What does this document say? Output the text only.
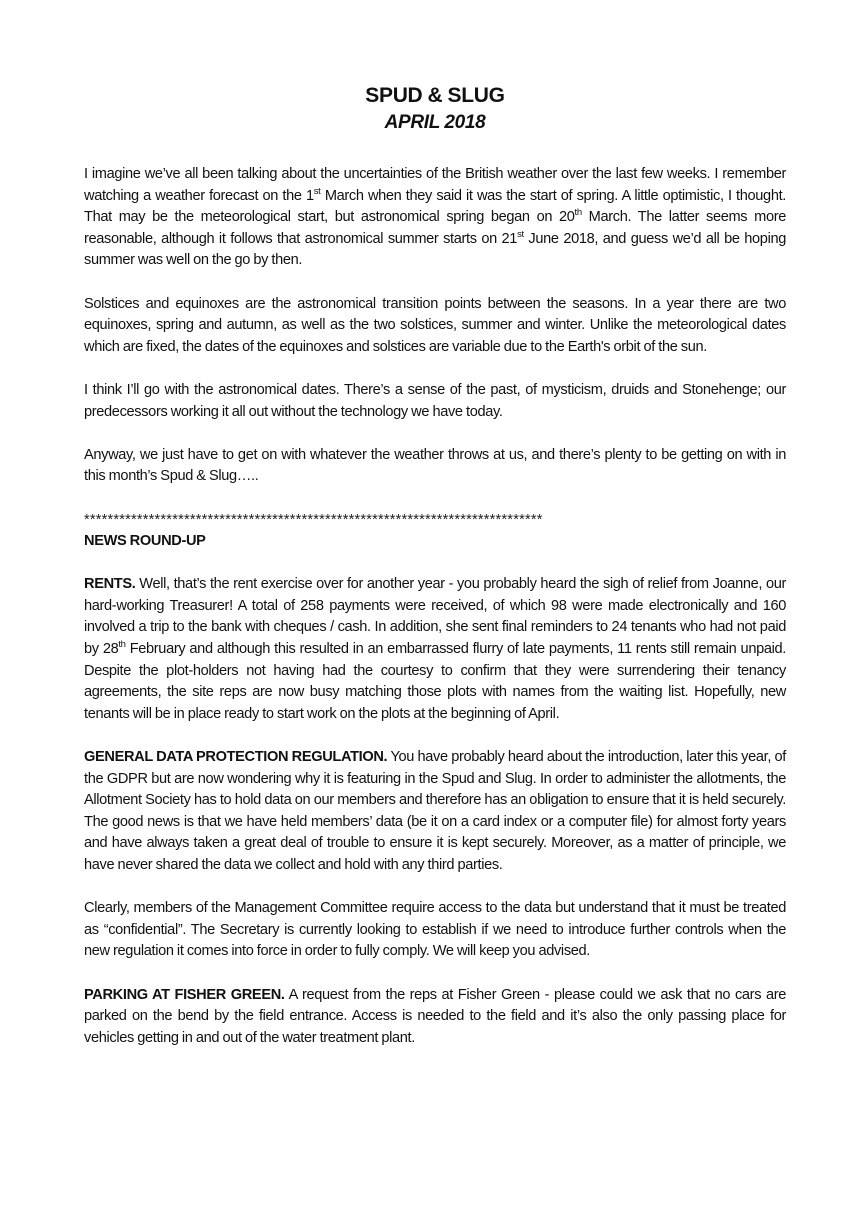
SPUD & SLUG
APRIL 2018

I imagine we’ve all been talking about the uncertainties of the British weather over the last few weeks. I remember watching a weather forecast on the 1st March when they said it was the start of spring. A little optimistic, I thought. That may be the meteorological start, but astronomical spring began on 20th March. The latter seems more reasonable, although it follows that astronomical summer starts on 21st June 2018, and guess we’d all be hoping summer was well on the go by then.

Solstices and equinoxes are the astronomical transition points between the seasons. In a year there are two equinoxes, spring and autumn, as well as the two solstices, summer and winter. Unlike the meteorological dates which are fixed, the dates of the equinoxes and solstices are variable due to the Earth's orbit of the sun.

I think I’ll go with the astronomical dates. There’s a sense of the past, of mysticism, druids and Stonehenge; our predecessors working it all out without the technology we have today.

Anyway, we just have to get on with whatever the weather throws at us, and there’s plenty to be getting on with in this month’s Spud & Slug…..

******************************************************************************
NEWS ROUND-UP

RENTS. Well, that’s the rent exercise over for another year - you probably heard the sigh of relief from Joanne, our hard-working Treasurer! A total of 258 payments were received, of which 98 were made electronically and 160 involved a trip to the bank with cheques / cash. In addition, she sent final reminders to 24 tenants who had not paid by 28th February and although this resulted in an embarrassed flurry of late payments, 11 rents still remain unpaid. Despite the plot-holders not having had the courtesy to confirm that they were surrendering their tenancy agreements, the site reps are now busy matching those plots with names from the waiting list. Hopefully, new tenants will be in place ready to start work on the plots at the beginning of April.

GENERAL DATA PROTECTION REGULATION. You have probably heard about the introduction, later this year, of the GDPR but are now wondering why it is featuring in the Spud and Slug. In order to administer the allotments, the Allotment Society has to hold data on our members and therefore has an obligation to ensure that it is held securely. The good news is that we have held members’ data (be it on a card index or a computer file) for almost forty years and have always taken a great deal of trouble to ensure it is kept securely. Moreover, as a matter of principle, we have never shared the data we collect and hold with any third parties.

Clearly, members of the Management Committee require access to the data but understand that it must be treated as “confidential”. The Secretary is currently looking to establish if we need to introduce further controls when the new regulation it comes into force in order to fully comply. We will keep you advised.

PARKING AT FISHER GREEN. A request from the reps at Fisher Green - please could we ask that no cars are parked on the bend by the field entrance. Access is needed to the field and it’s also the only passing place for vehicles getting in and out of the water treatment plant.
